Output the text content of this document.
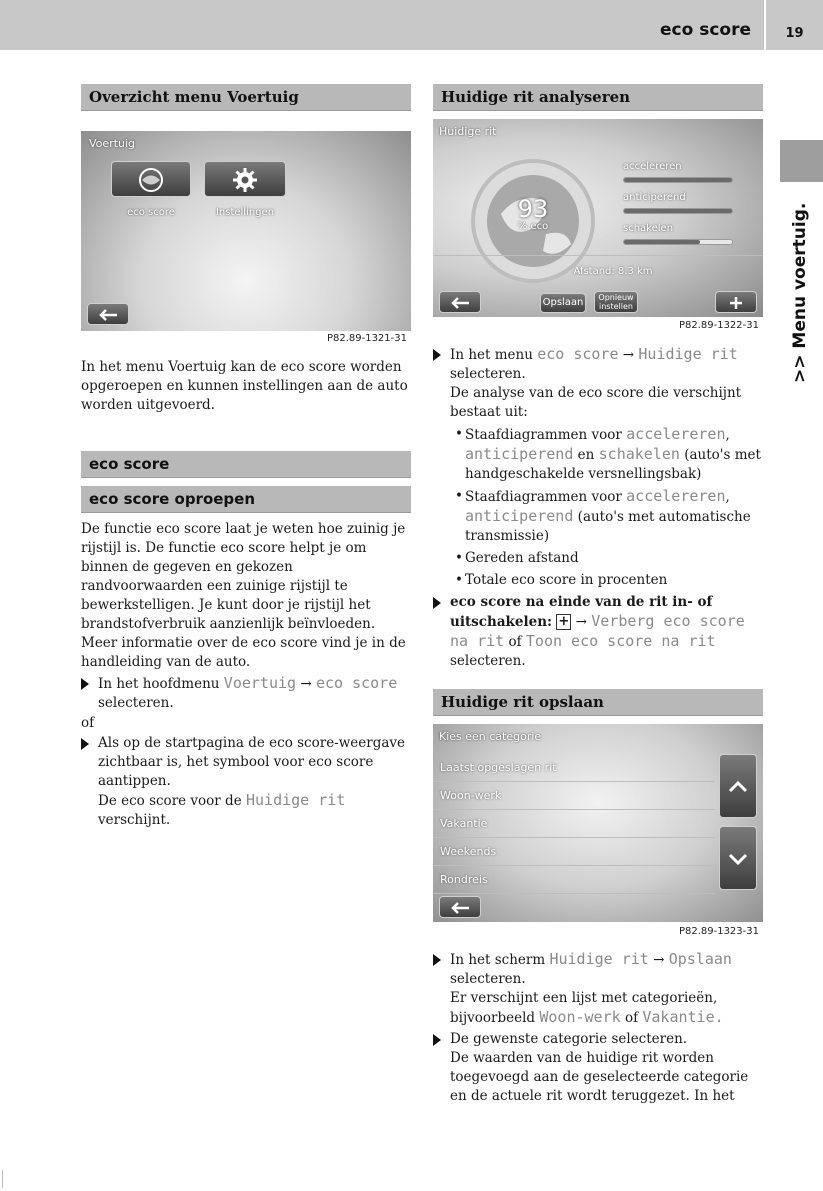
eco score	19
>> Menu voertuig.
Overzicht menu Voertuig
Voertuig
eco score	Instellingen
P82.89-1321-31
In het menu Voertuig kan de eco score worden opgeroepen en kunnen instellingen aan de auto worden uitgevoerd.
eco score
eco score oproepen
De functie eco score laat je weten hoe zuinig je rijstijl is. De functie eco score helpt je om binnen de gegeven en gekozen randvoorwaarden een zuinige rijstijl te bewerkstelligen. Je kunt door je rijstijl het brandstofverbruik aanzienlijk beïnvloeden. Meer informatie over de eco score vind je in de handleiding van de auto.
In het hoofdmenu Voertuig → eco score
selecteren.
of
Als op de startpagina de eco score-weergave zichtbaar is, het symbool voor eco score aantippen.
De eco score voor de Huidige rit verschijnt.
Huidige rit analyseren
Huidige rit
93
% eco
accelereren
anticiperend
schakelen
Afstand: 8.3 km
Opslaan	Opnieuw
instellen
P82.89-1322-31
In het menu eco score → Huidige rit
selecteren.
De analyse van de eco score die verschijnt bestaat uit:
• Staafdiagrammen voor accelereren, anticiperend en schakelen (auto's met handgeschakelde versnellingsbak)
• Staafdiagrammen voor accelereren, anticiperend (auto's met automatische transmissie)
• Gereden afstand
• Totale eco score in procenten
eco score na einde van de rit in- of uitschakelen: + → Verberg eco score na rit of Toon eco score na rit selecteren.
Huidige rit opslaan
Kies een categorie
Laatst opgeslagen rit
Woon-werk
Vakantie
Weekends
Rondreis
P82.89-1323-31
In het scherm Huidige rit → Opslaan
selecteren.
Er verschijnt een lijst met categorieën, bijvoorbeeld Woon-werk of Vakantie.
De gewenste categorie selecteren.
De waarden van de huidige rit worden toegevoegd aan de geselecteerde categorie en de actuele rit wordt teruggezet. In het
